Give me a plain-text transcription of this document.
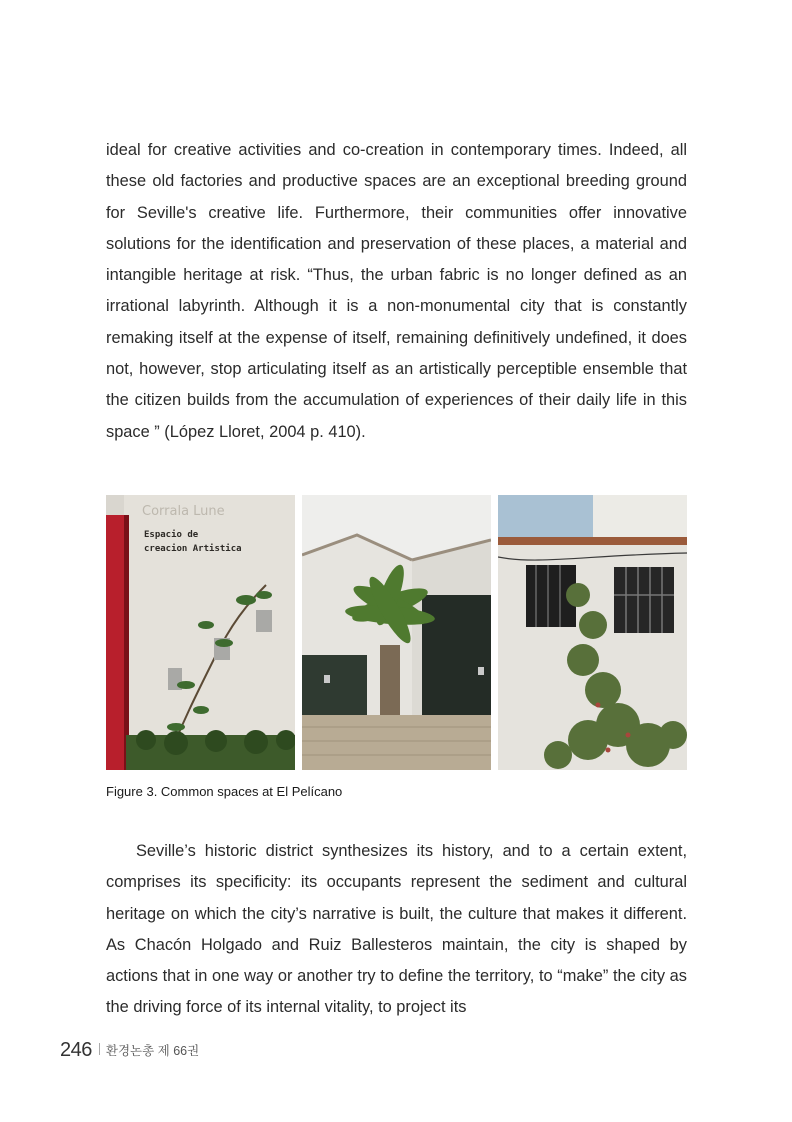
ideal for creative activities and co-creation in contemporary times. Indeed, all these old factories and productive spaces are an exceptional breeding ground for Seville's creative life. Furthermore, their communities offer innovative solutions for the identification and preservation of these places, a material and intangible heritage at risk. “Thus, the urban fabric is no longer defined as an irrational labyrinth. Although it is a non-monumental city that is constantly remaking itself at the expense of itself, remaining definitively undefined, it does not, however, stop articulating itself as an artistically perceptible ensemble that the citizen builds from the accumulation of experiences of their daily life in this space ” (López Lloret, 2004 p. 410).

Corrala Lune
Espacio de
creacion Artistica

Figure 3. Common spaces at El Pelícano

Seville’s historic district synthesizes its history, and to a certain extent, comprises its specificity: its occupants represent the sediment and cultural heritage on which the city’s narrative is built, the culture that makes it different. As Chacón Holgado and Ruiz Ballesteros maintain, the city is shaped by actions that in one way or another try to define the territory, to “make” the city as the driving force of its internal vitality, to project its

246 환경논총 제 66권
